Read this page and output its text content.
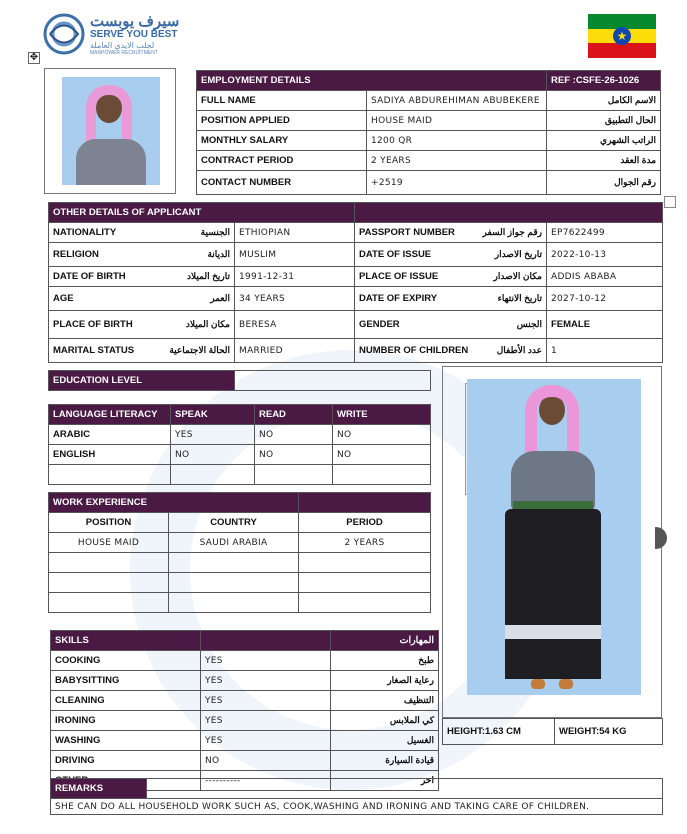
سيرف يوبست
SERVE YOU BEST
لجلب الايدي العاملة
MANPOWER RECRUITMENT
✥
★
EMPLOYMENT DETAILS		REF :CSFE-26-1026
FULL NAME	SADIYA ABDUREHIMAN ABUBEKERE	الاسم الكامل
POSITION APPLIED	HOUSE MAID	الحال التطبيق
MONTHLY SALARY	1200 QR	الراتب الشهري
CONTRACT PERIOD	2 YEARS	مدة العقد
CONTACT NUMBER	+2519	رقم الجوال
OTHER DETAILS OF APPLICANT			

NATIONALITY الجنسية	ETHIOPIAN	PASSPORT NUMBER رقم جواز السفر	EP7622499

RELIGION الديانة	MUSLIM	DATE OF ISSUE تاريخ الاصدار	2022-10-13

DATE OF BIRTH تاريخ الميلاد	1991-12-31	PLACE OF ISSUE مكان الاصدار	ADDIS ABABA

AGE العمر	34 YEARS	DATE OF EXPIRY تاريخ الانتهاء	2027-10-12

PLACE OF BIRTH مكان الميلاد	BERESA	GENDER الجنس	FEMALE

MARITAL STATUS الحالة الاجتماعية	MARRIED	NUMBER OF CHILDREN عدد الأطفال	1
EDUCATION LEVEL	
LANGUAGE LITERACY	SPEAK	READ	WRITE
ARABIC	YES	NO	NO
ENGLISH	NO	NO	NO

WORK EXPERIENCE		
POSITION	COUNTRY	PERIOD
HOUSE MAID	SAUDI ARABIA	2 YEARS

SKILLS		المهارات
COOKING	YES	طبخ
BABYSITTING	YES	رعاية الصغار
CLEANING	YES	التنظيف
IRONING	YES	كي الملابس
WASHING	YES	الغسيل
DRIVING	NO	قيادة السيارة
	----------	اخر
HEIGHT:1.63 CM	WEIGHT:54 KG
REMARKS	
SHE CAN DO ALL HOUSEHOLD WORK SUCH AS, COOK,WASHING AND IRONING AND TAKING CARE OF CHILDREN.
